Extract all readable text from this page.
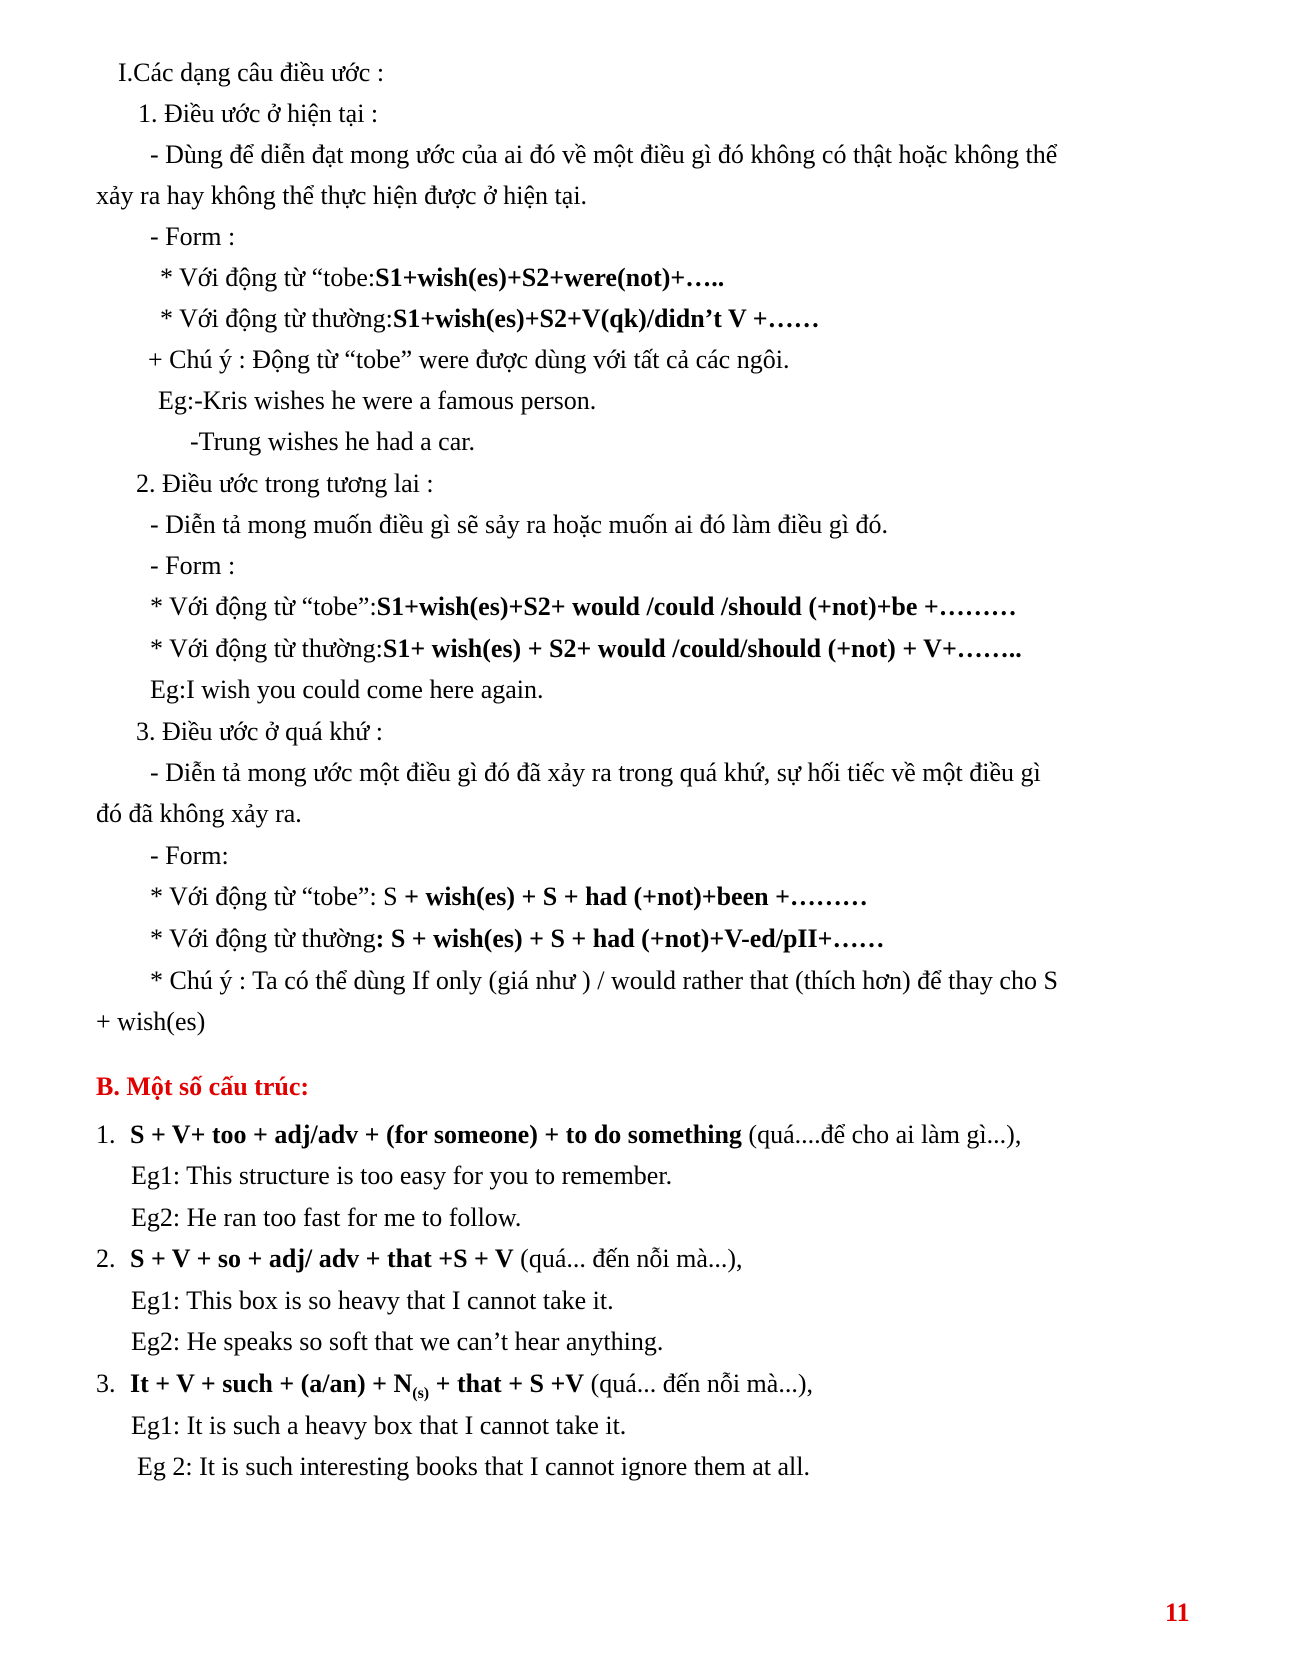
I.Các dạng câu điều ước :
1. Điều ước ở hiện tại :
- Dùng để diễn đạt mong ước của ai đó về một điều gì đó không có thật hoặc không thể
xảy ra hay không thể thực hiện được ở hiện tại.
- Form :
* Với động từ “tobe:S1+wish(es)+S2+were(not)+…..
* Với động từ thường:S1+wish(es)+S2+V(qk)/didn’t V +……
+ Chú ý : Động từ “tobe” were được dùng với tất cả các ngôi.
Eg:-Kris wishes he were a famous person.
-Trung wishes he had a car.
2. Điều ước trong tương lai :
- Diễn tả mong muốn điều gì sẽ sảy ra hoặc muốn ai đó làm điều gì đó.
- Form :
* Với động từ “tobe”:S1+wish(es)+S2+ would /could /should (+not)+be +………
* Với động từ thường:S1+ wish(es) + S2+ would /could/should (+not) + V+……..
Eg:I wish you could come here again.
3. Điều ước ở quá khứ :
- Diễn tả mong ước một điều gì đó đã xảy ra trong quá khứ, sự hối tiếc về một điều gì
đó đã không xảy ra.
- Form:
* Với động từ “tobe”: S + wish(es) + S + had (+not)+been +………
* Với động từ thường: S + wish(es) + S + had (+not)+V-ed/pII+……
* Chú ý : Ta có thể dùng If only (giá như ) / would rather that (thích hơn) để thay cho S
+ wish(es)
B. Một số cấu trúc:
1. S + V+ too + adj/adv + (for someone) + to do something (quá....để cho ai làm gì...),
Eg1: This structure is too easy for you to remember.
Eg2: He ran too fast for me to follow.
2. S + V + so + adj/ adv + that +S + V (quá... đến nỗi mà...),
Eg1: This box is so heavy that I cannot take it.
Eg2: He speaks so soft that we can’t hear anything.
3. It + V + such + $(a/an) + N_{(s)}$ + that + S +V (quá... đến nỗi mà...),
Eg1: It is such a heavy box that I cannot take it.
Eg 2: It is such interesting books that I cannot ignore them at all.
11
